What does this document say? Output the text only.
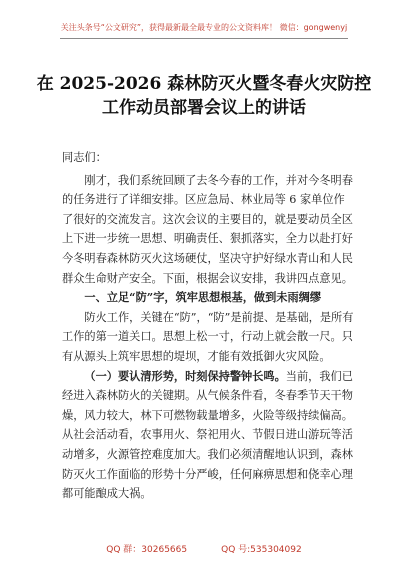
关注头条号“公文研究”，获得最新最全最专业的公文资料库！ 微信：gongwenyj
在 2025-2026 森林防灭火暨冬春火灾防控
工作动员部署会议上的讲话

同志们：

刚才，我们系统回顾了去冬今春的工作，并对今冬明春的任务进行了详细安排。区应急局、林业局等 6 家单位作了很好的交流发言。这次会议的主要目的，就是要动员全区上下进一步统一思想、明确责任、狠抓落实，全力以赴打好今冬明春森林防灭火这场硬仗，坚决守护好绿水青山和人民群众生命财产安全。下面，根据会议安排，我讲四点意见。

一、立足“防”字，筑牢思想根基，做到未雨绸缪

防火工作，关键在“防”，“防”是前提、是基础，是所有工作的第一道关口。思想上松一寸，行动上就会散一尺。只有从源头上筑牢思想的堤坝，才能有效抵御火灾风险。

（一）要认清形势，时刻保持警钟长鸣。当前，我们已经进入森林防火的关键期。从气候条件看，冬春季节天干物燥，风力较大，林下可燃物载量增多，火险等级持续偏高。从社会活动看，农事用火、祭祀用火、节假日进山游玩等活动增多，火源管控难度加大。我们必须清醒地认识到，森林防灭火工作面临的形势十分严峻，任何麻痹思想和侥幸心理都可能酿成大祸。

QQ 群：30265665	QQ 号:535304092
